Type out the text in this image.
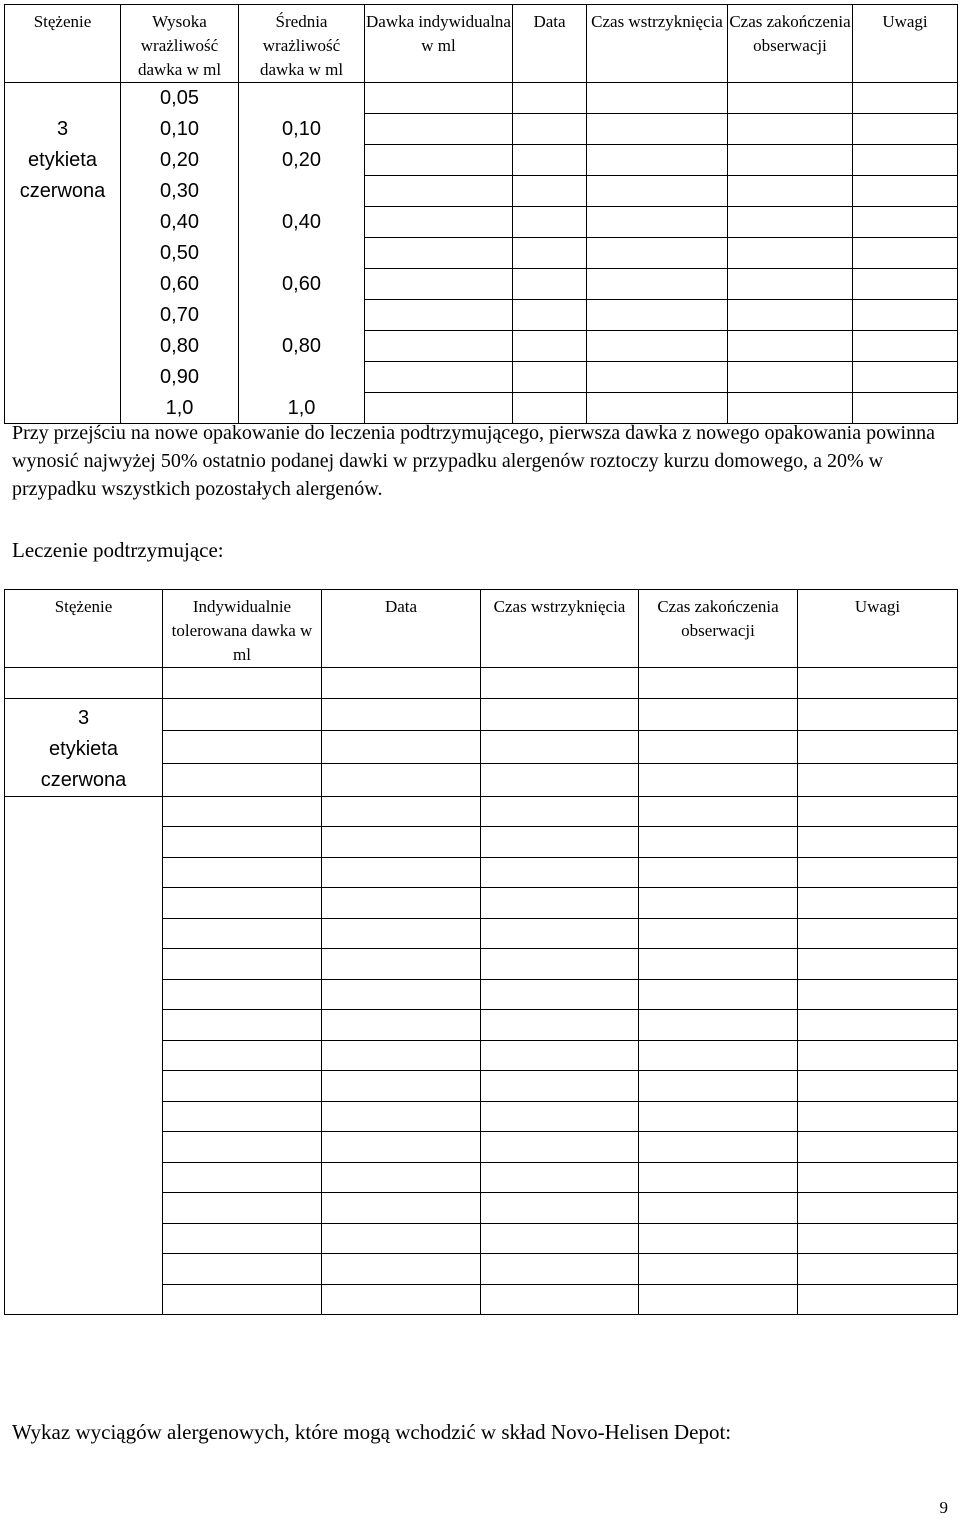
Stężenie	Wysoka wrażliwość dawka w ml	Średnia wrażliwość dawka w ml	Dawka indywidualna w ml	Data	Czas wstrzyknięcia	Czas zakończenia obserwacji	Uwagi
	0,05						
3	0,10	0,10					
etykieta	0,20	0,20					
czerwona	0,30						
	0,40	0,40					
	0,50						
	0,60	0,60					
	0,70						
	0,80	0,80					
	0,90						
	1,0	1,0					
Przy przejściu na nowe opakowanie do leczenia podtrzymującego, pierwsza dawka z nowego opakowania powinna wynosić najwyżej 50% ostatnio podanej dawki w przypadku alergenów roztoczy kurzu domowego, a 20% w przypadku wszystkich pozostałych alergenów.
Leczenie podtrzymujące:
Stężenie	Indywidualnie tolerowana dawka w ml	Data	Czas wstrzyknięcia	Czas zakończenia obserwacji	Uwagi

3
etykieta
czerwona					

Wykaz wyciągów alergenowych, które mogą wchodzić w skład Novo-Helisen Depot:
9
